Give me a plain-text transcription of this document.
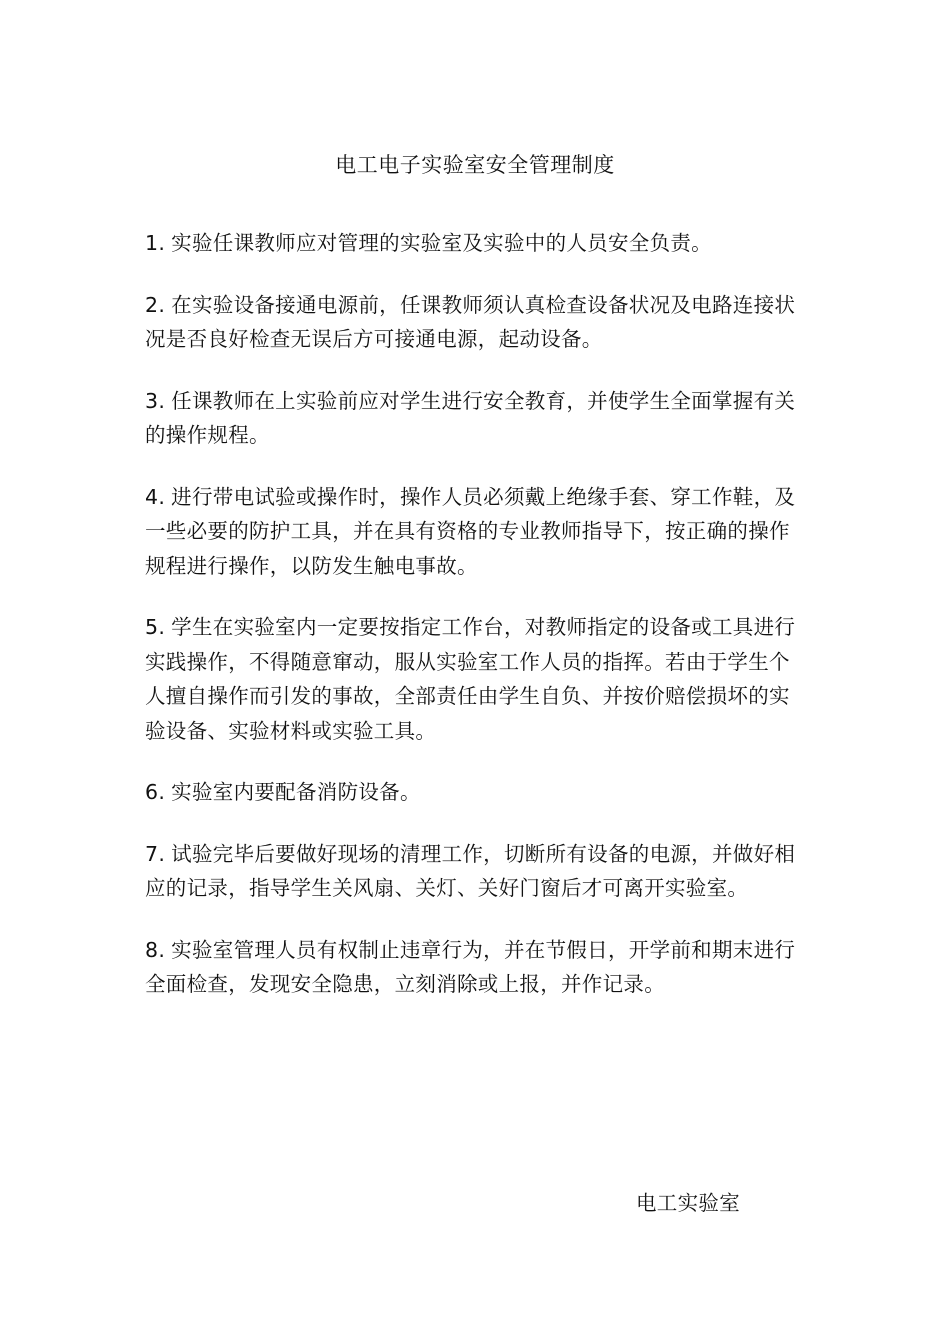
电工电子实验室安全管理制度
1. 实验任课教师应对管理的实验室及实验中的人员安全负责。
2. 在实验设备接通电源前，任课教师须认真检查设备状况及电路连接状况是否良好检查无误后方可接通电源，起动设备。
3. 任课教师在上实验前应对学生进行安全教育，并使学生全面掌握有关的操作规程。
4. 进行带电试验或操作时，操作人员必须戴上绝缘手套、穿工作鞋，及一些必要的防护工具，并在具有资格的专业教师指导下，按正确的操作规程进行操作，以防发生触电事故。
5. 学生在实验室内一定要按指定工作台，对教师指定的设备或工具进行实践操作，不得随意窜动，服从实验室工作人员的指挥。若由于学生个人擅自操作而引发的事故，全部责任由学生自负、并按价赔偿损坏的实验设备、实验材料或实验工具。
6. 实验室内要配备消防设备。
7. 试验完毕后要做好现场的清理工作，切断所有设备的电源，并做好相应的记录，指导学生关风扇、关灯、关好门窗后才可离开实验室。
8. 实验室管理人员有权制止违章行为，并在节假日，开学前和期末进行全面检查，发现安全隐患，立刻消除或上报，并作记录。

电工实验室
